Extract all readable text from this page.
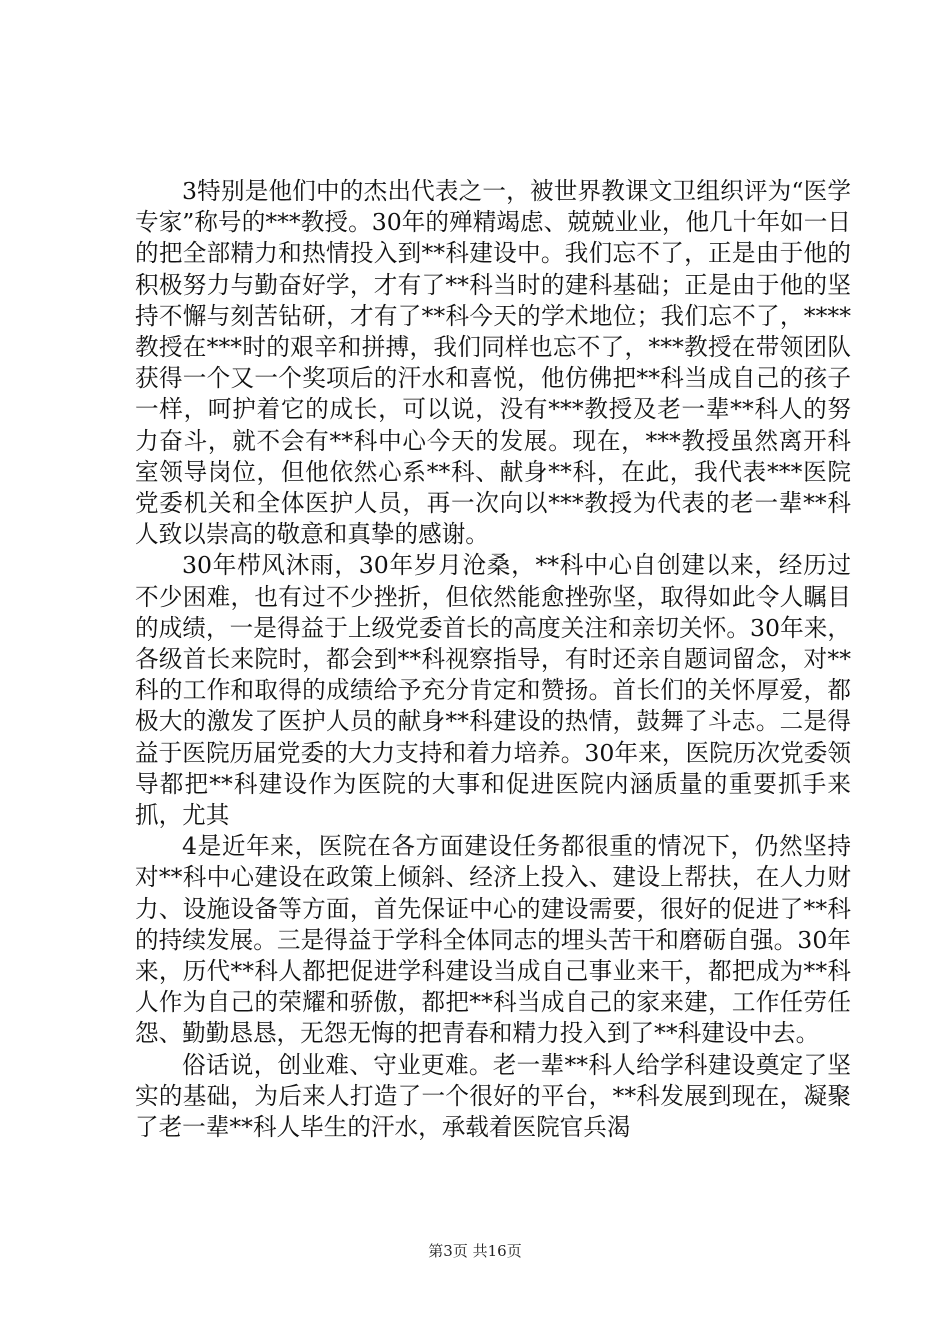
3特别是他们中的杰出代表之一，被世界教课文卫组织评为“医学专家”称号的***教授。30年的殚精竭虑、兢兢业业，他几十年如一日的把全部精力和热情投入到**科建设中。我们忘不了，正是由于他的积极努力与勤奋好学，才有了**科当时的建科基础；正是由于他的坚持不懈与刻苦钻研，才有了**科今天的学术地位；我们忘不了，****教授在***时的艰辛和拼搏，我们同样也忘不了，***教授在带领团队获得一个又一个奖项后的汗水和喜悦，他仿佛把**科当成自己的孩子一样，呵护着它的成长，可以说，没有***教授及老一辈**科人的努力奋斗，就不会有**科中心今天的发展。现在，***教授虽然离开科室领导岗位，但他依然心系**科、献身**科，在此，我代表***医院党委机关和全体医护人员，再一次向以***教授为代表的老一辈**科人致以崇高的敬意和真挚的感谢。

30年栉风沐雨，30年岁月沧桑，**科中心自创建以来，经历过不少困难，也有过不少挫折，但依然能愈挫弥坚，取得如此令人瞩目的成绩，一是得益于上级党委首长的高度关注和亲切关怀。30年来，各级首长来院时，都会到**科视察指导，有时还亲自题词留念，对**科的工作和取得的成绩给予充分肯定和赞扬。首长们的关怀厚爱，都极大的激发了医护人员的献身**科建设的热情，鼓舞了斗志。二是得益于医院历届党委的大力支持和着力培养。30年来，医院历次党委领导都把**科建设作为医院的大事和促进医院内涵质量的重要抓手来抓，尤其

4是近年来，医院在各方面建设任务都很重的情况下，仍然坚持对**科中心建设在政策上倾斜、经济上投入、建设上帮扶，在人力财力、设施设备等方面，首先保证中心的建设需要，很好的促进了**科的持续发展。三是得益于学科全体同志的埋头苦干和磨砺自强。30年来，历代**科人都把促进学科建设当成自己事业来干，都把成为**科人作为自己的荣耀和骄傲，都把**科当成自己的家来建，工作任劳任怨、勤勤恳恳，无怨无悔的把青春和精力投入到了**科建设中去。

俗话说，创业难、守业更难。老一辈**科人给学科建设奠定了坚实的基础，为后来人打造了一个很好的平台，**科发展到现在，凝聚了老一辈**科人毕生的汗水，承载着医院官兵渴

第3页 共16页
